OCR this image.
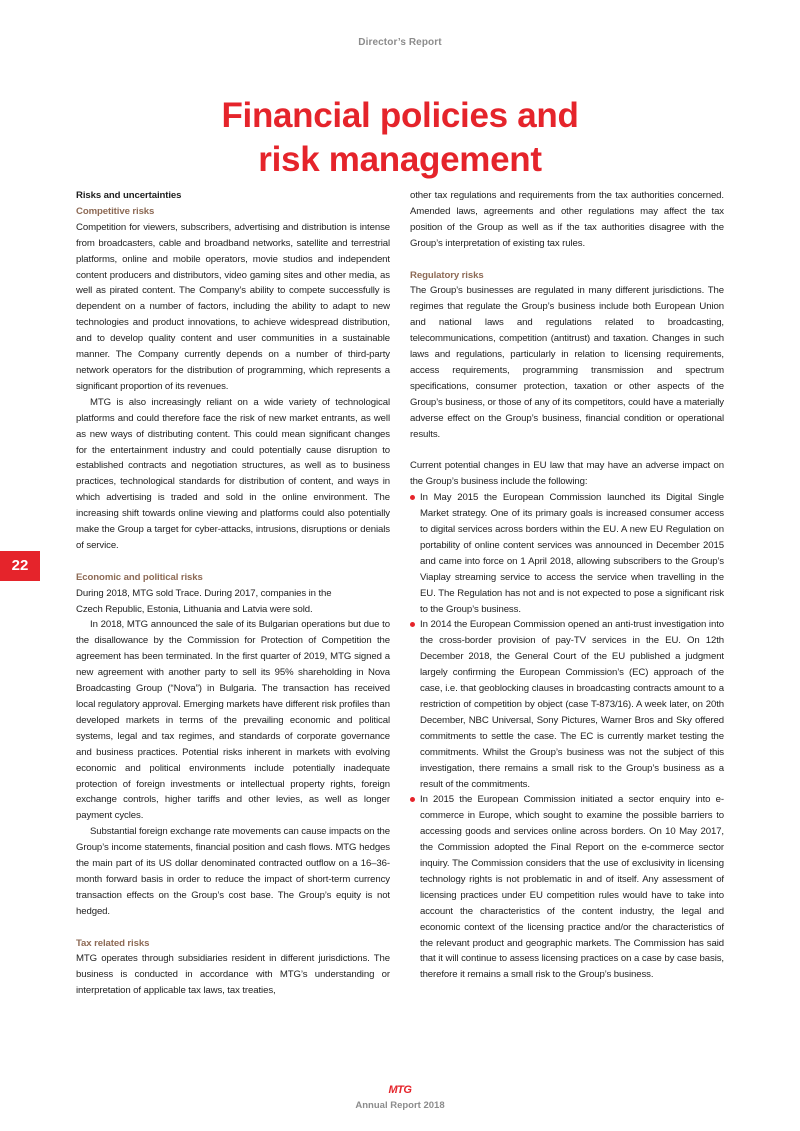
Director’s Report
Financial policies and
risk management
22
Risks and uncertainties
Competitive risks

Competition for viewers, subscribers, advertising and distribution is intense from broadcasters, cable and broadband networks, satellite and terrestrial platforms, online and mobile operators, movie studios and independent content producers and distributors, video gaming sites and other media, as well as pirated content. The Company’s ability to compete successfully is dependent on a number of factors, including the ability to adapt to new technologies and product innovations, to achieve widespread distribution, and to develop quality content and user communities in a sustainable manner. The Company currently depends on a number of third-party network operators for the distribution of programming, which represents a significant proportion of its revenues.

MTG is also increasingly reliant on a wide variety of technological platforms and could therefore face the risk of new market entrants, as well as new ways of distributing content. This could mean significant changes for the entertainment industry and could potentially cause disruption to established contracts and negotiation structures, as well as to business practices, technological standards for distribution of content, and ways in which advertising is traded and sold in the online environment. The increasing shift towards online viewing and platforms could also potentially make the Group a target for cyber-attacks, intrusions, disruptions or denials of service.

Economic and political risks
During 2018, MTG sold Trace. During 2017, companies in the
Czech Republic, Estonia, Lithuania and Latvia were sold.

In 2018, MTG announced the sale of its Bulgarian operations but due to the disallowance by the Commission for Protection of Competition the agreement has been terminated. In the first quarter of 2019, MTG signed a new agreement with another party to sell its 95% shareholding in Nova Broadcasting Group (“Nova”) in Bulgaria. The transaction has received local regulatory approval. Emerging markets have different risk profiles than developed markets in terms of the prevailing economic and political systems, legal and tax regimes, and standards of corporate governance and business practices. Potential risks inherent in markets with evolving economic and political environments include potentially inadequate protection of foreign investments or intellectual property rights, foreign exchange controls, higher tariffs and other levies, as well as longer payment cycles.

Substantial foreign exchange rate movements can cause impacts on the Group’s income statements, financial position and cash flows. MTG hedges the main part of its US dollar denominated contracted outflow on a 16–36-month forward basis in order to reduce the impact of short-term currency transaction effects on the Group’s cost base. The Group’s equity is not hedged.

Tax related risks

MTG operates through subsidiaries resident in different jurisdictions. The business is conducted in accordance with MTG’s understanding or interpretation of applicable tax laws, tax treaties,

other tax regulations and requirements from the tax authorities concerned. Amended laws, agreements and other regulations may affect the tax position of the Group as well as if the tax authorities disagree with the Group’s interpretation of existing tax rules.

Regulatory risks

The Group’s businesses are regulated in many different jurisdictions. The regimes that regulate the Group’s business include both European Union and national laws and regulations related to broadcasting, telecommunications, competition (antitrust) and taxation. Changes in such laws and regulations, particularly in relation to licensing requirements, access requirements, programming transmission and spectrum specifications, consumer protection, taxation or other aspects of the Group’s business, or those of any of its competitors, could have a materially adverse effect on the Group’s business, financial condition or operational results.

Current potential changes in EU law that may have an adverse impact on the Group’s business include the following:

In May 2015 the European Commission launched its Digital Single Market strategy. One of its primary goals is increased consumer access to digital services across borders within the EU. A new EU Regulation on portability of online content services was announced in December 2015 and came into force on 1 April 2018, allowing subscribers to the Group’s Viaplay streaming service to access the service when travelling in the EU. The Regulation has not and is not expected to pose a significant risk to the Group’s business.
In 2014 the European Commission opened an anti-trust investigation into the cross-border provision of pay-TV services in the EU. On 12th December 2018, the General Court of the EU published a judgment largely confirming the European Commission’s (EC) approach of the case, i.e. that geoblocking clauses in broadcasting contracts amount to a restriction of competition by object (case T-873/16). A week later, on 20th December, NBC Universal, Sony Pictures, Warner Bros and Sky offered commitments to settle the case. The EC is currently market testing the commitments. Whilst the Group’s business was not the subject of this investigation, there remains a small risk to the Group’s business as a result of the commitments.
In 2015 the European Commission initiated a sector enquiry into e-commerce in Europe, which sought to examine the possible barriers to accessing goods and services online across borders. On 10 May 2017, the Commission adopted the Final Report on the e-commerce sector inquiry. The Commission considers that the use of exclusivity in licensing technology rights is not problematic in and of itself. Any assessment of licensing practices under EU competition rules would have to take into account the characteristics of the content industry, the legal and economic context of the licensing practice and/or the characteristics of the relevant product and geographic markets. The Commission has said that it will continue to assess licensing practices on a case by case basis, therefore it remains a small risk to the Group’s business.
MTG
Annual Report 2018
